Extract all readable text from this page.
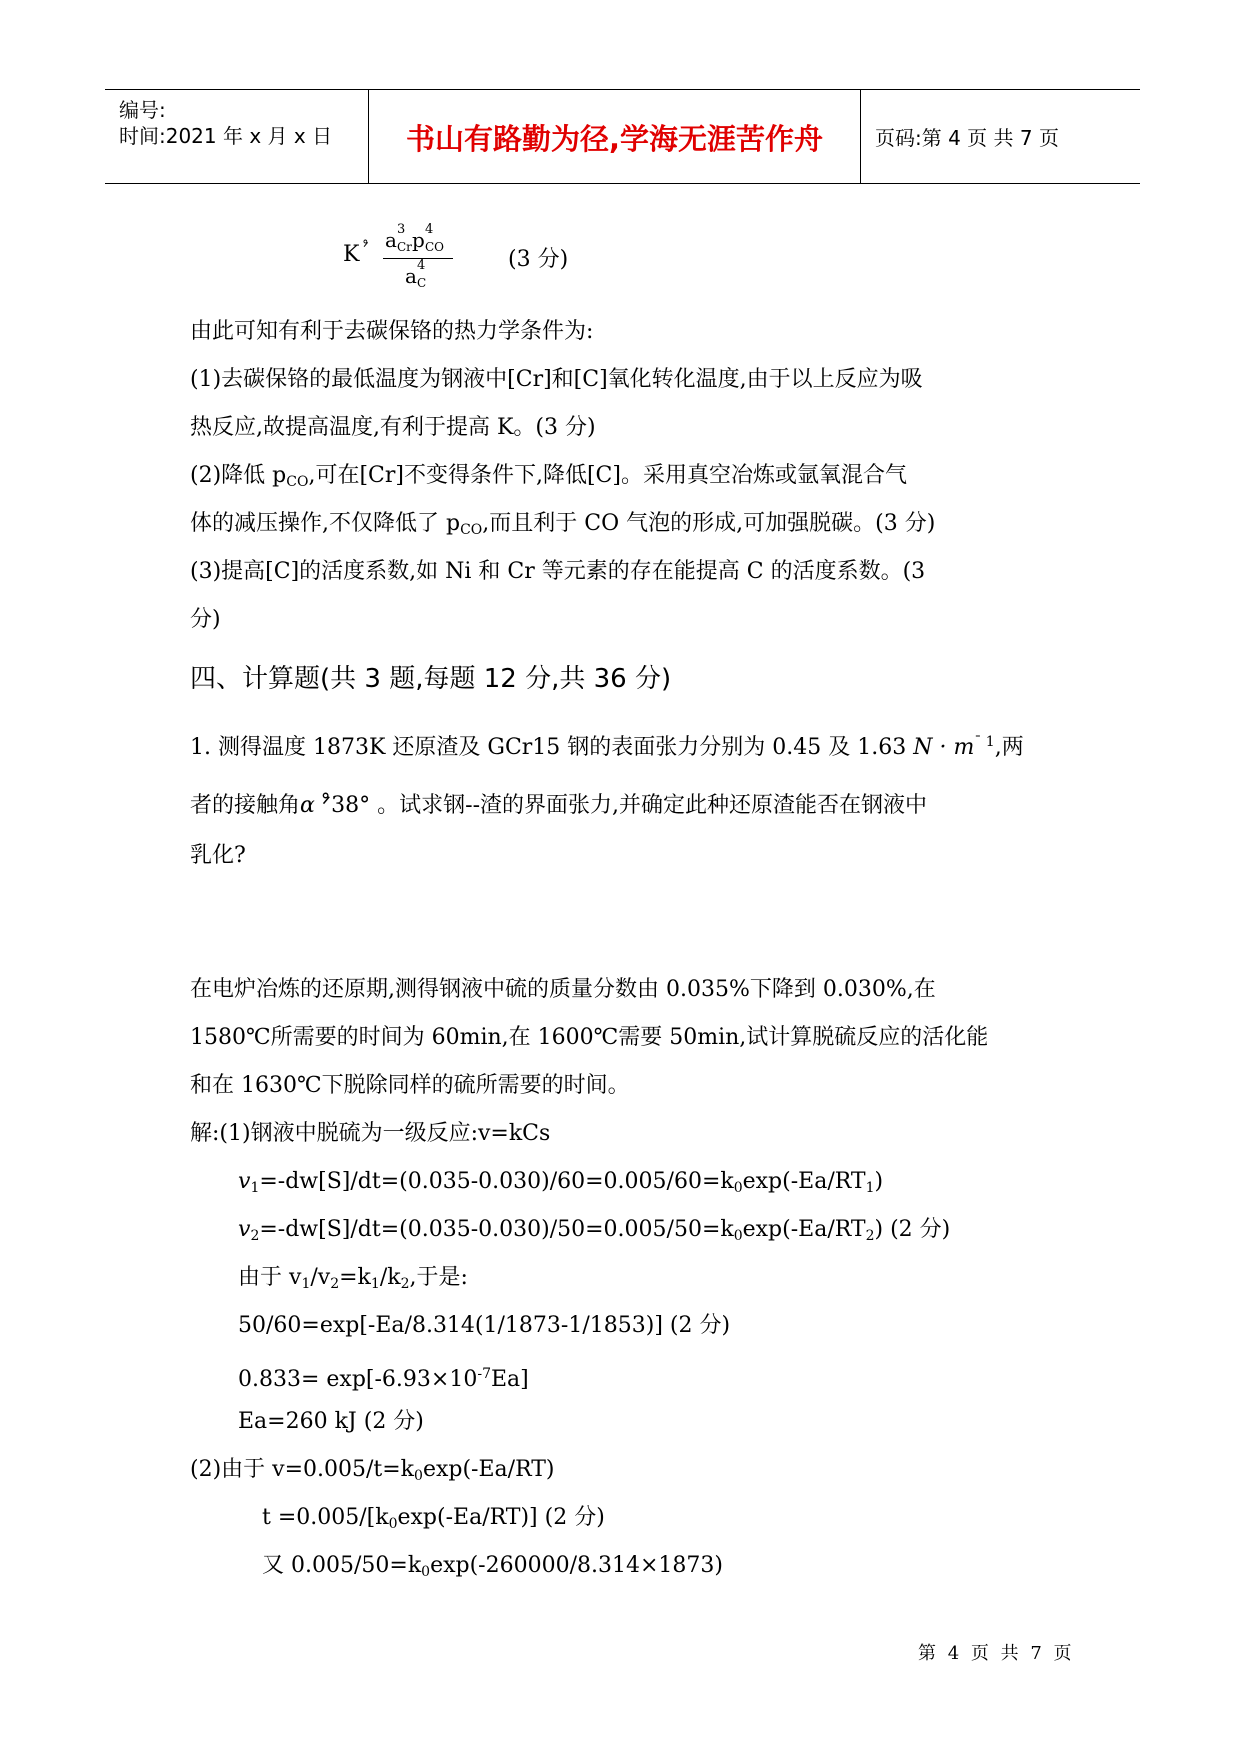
编号:
时间:2021 年 x 月 x 日	书山有路勤为径,学海无涯苦作舟	页码:第 4 页 共 7 页
K ᐟ̊ a 3
Cr p 4
CO
a 4
C
(3 分)
由此可知有利于去碳保铬的热力学条件为:
(1)去碳保铬的最低温度为钢液中[Cr]和[C]氧化转化温度,由于以上反应为吸
热反应,故提高温度,有利于提高 K。(3 分)
(2)降低 $p_{CO}$,可在[Cr]不变得条件下,降低[C]。采用真空冶炼或氩氧混合气
体的减压操作,不仅降低了 $p_{CO}$,而且利于 CO 气泡的形成,可加强脱碳。(3 分)
(3)提高[C]的活度系数,如 Ni 和 Cr 等元素的存在能提高 C 的活度系数。(3
分)
四、计算题(共 3 题,每题 12 分,共 36 分)
1. 测得温度 1873K 还原渣及 GCr15 钢的表面张力分别为 0.45 及 1.63 $N \cdot m^{¯ 1}$,两
者的接触角α ᐟ̊38° 。试求钢--渣的界面张力,并确定此种还原渣能否在钢液中
乳化?
在电炉冶炼的还原期,测得钢液中硫的质量分数由 0.035%下降到 0.030%,在
1580℃所需要的时间为 60min,在 1600℃需要 50min,试计算脱硫反应的活化能
和在 1630℃下脱除同样的硫所需要的时间。
解:(1)钢液中脱硫为一级反应:v=kCs
$v_1=-dw[S]/dt=(0.035-0.030)/60=0.005/60=k_0\exp(-Ea/RT_1)$
$v_2=-dw[S]/dt=(0.035-0.030)/50=0.005/50=k_0\exp(-Ea/RT_2)$ (2 分)
由于 $v_1/v_2=k_1/k_2$,于是:
50/60=exp[-Ea/8.314(1/1873-1/1853)] (2 分)
$0.833= \exp[-6.93\times 10^{-7}Ea]$
Ea=260 kJ (2 分)
(2)由于 $v=0.005/t=k_0\exp(-Ea/RT)$
$t =0.005/[k_0\exp(-Ea/RT)]$ (2 分)
又 $0.005/50=k_0\exp(-260000/8.314\times 1873)$
第 4 页 共 7 页
